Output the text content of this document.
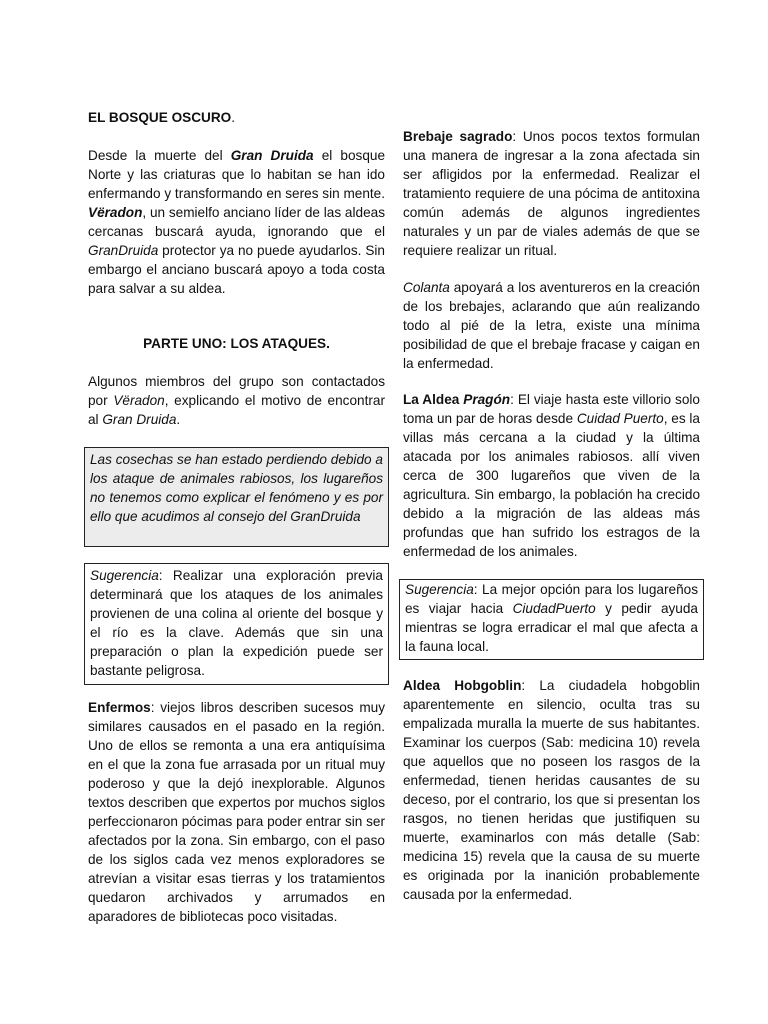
EL BOSQUE OSCURO.

Desde la muerte del Gran Druida el bosque Norte y las criaturas que lo habitan se han ido enfermando y transformando en seres sin mente. Vëradon, un semielfo anciano líder de las aldeas cercanas buscará ayuda, ignorando que el GranDruida protector ya no puede ayudarlos. Sin embargo el anciano buscará apoyo a toda costa para salvar a su aldea.

PARTE UNO: LOS ATAQUES.

Algunos miembros del grupo son contactados por Vëradon, explicando el motivo de encontrar al Gran Druida.

Las cosechas se han estado perdiendo debido a los ataque de animales rabiosos, los lugareños no tenemos como explicar el fenómeno y es por ello que acudimos al consejo del GranDruida

Sugerencia: Realizar una exploración previa determinará que los ataques de los animales provienen de una colina al oriente del bosque y el río es la clave. Además que sin una preparación o plan la expedición puede ser bastante peligrosa.

Enfermos: viejos libros describen sucesos muy similares causados en el pasado en la región. Uno de ellos se remonta a una era antiquísima en el que la zona fue arrasada por un ritual muy poderoso y que la dejó inexplorable. Algunos textos describen que expertos por muchos siglos perfeccionaron pócimas para poder entrar sin ser afectados por la zona. Sin embargo, con el paso de los siglos cada vez menos exploradores se atrevían a visitar esas tierras y los tratamientos quedaron archivados y arrumados en aparadores de bibliotecas poco visitadas.

Brebaje sagrado: Unos pocos textos formulan una manera de ingresar a la zona afectada sin ser afligidos por la enfermedad. Realizar el tratamiento requiere de una pócima de antitoxina común además de algunos ingredientes naturales y un par de viales además de que se requiere realizar un ritual.

Colanta apoyará a los aventureros en la creación de los brebajes, aclarando que aún realizando todo al pié de la letra, existe una mínima posibilidad de que el brebaje fracase y caigan en la enfermedad.

La Aldea Pragón: El viaje hasta este villorio solo toma un par de horas desde Cuidad Puerto, es la villas más cercana a la ciudad y la última atacada por los animales rabiosos. allí viven cerca de 300 lugareños que viven de la agricultura. Sin embargo, la población ha crecido debido a la migración de las aldeas más profundas que han sufrido los estragos de la enfermedad de los animales.

Sugerencia: La mejor opción para los lugareños es viajar hacia CiudadPuerto y pedir ayuda mientras se logra erradicar el mal que afecta a la fauna local.

Aldea Hobgoblin: La ciudadela hobgoblin aparentemente en silencio, oculta tras su empalizada muralla la muerte de sus habitantes. Examinar los cuerpos (Sab: medicina 10) revela que aquellos que no poseen los rasgos de la enfermedad, tienen heridas causantes de su deceso, por el contrario, los que si presentan los rasgos, no tienen heridas que justifiquen su muerte, examinarlos con más detalle (Sab: medicina 15) revela que la causa de su muerte es originada por la inanición probablemente causada por la enfermedad.
